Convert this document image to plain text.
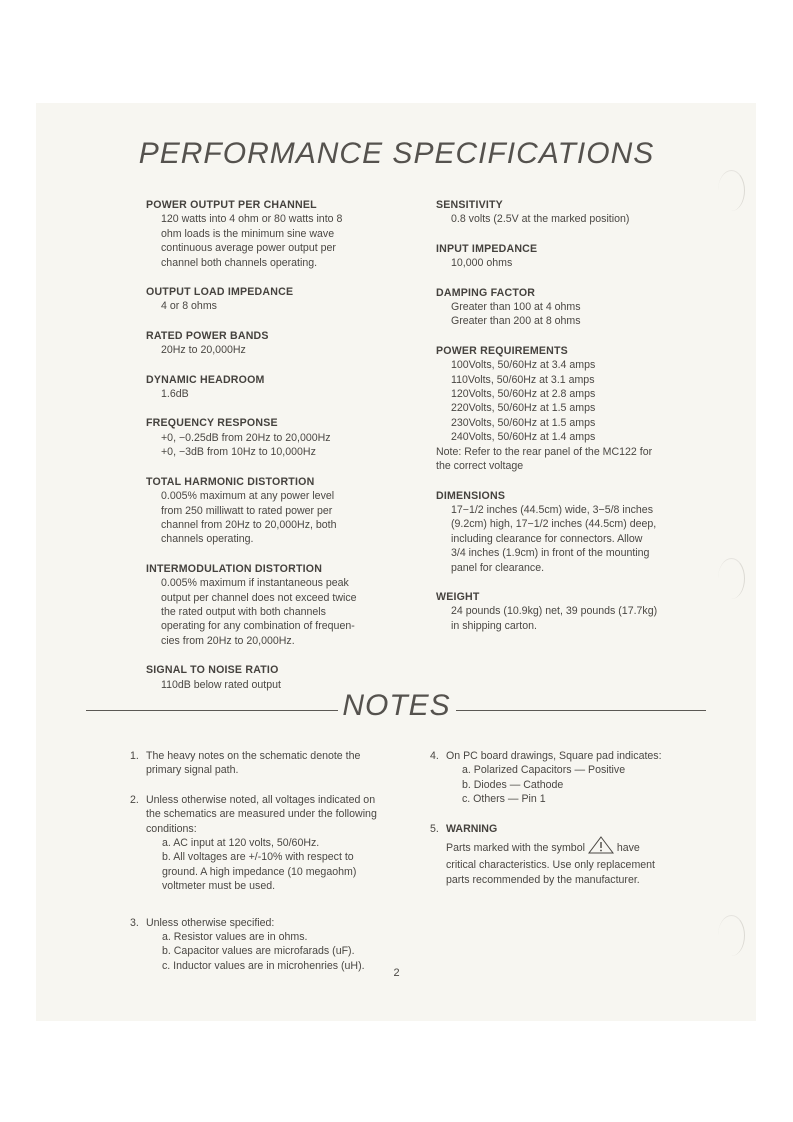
PERFORMANCE SPECIFICATIONS
POWER OUTPUT PER CHANNEL
120 watts into 4 ohm or 80 watts into 8
ohm loads is the minimum sine wave
continuous average power output per
channel both channels operating.
OUTPUT LOAD IMPEDANCE
4 or 8 ohms
RATED POWER BANDS
20Hz to 20,000Hz
DYNAMIC HEADROOM
1.6dB
FREQUENCY RESPONSE
+0, −0.25dB from 20Hz to 20,000Hz
+0, −3dB from 10Hz to 10,000Hz
TOTAL HARMONIC DISTORTION
0.005% maximum at any power level
from 250 milliwatt to rated power per
channel from 20Hz to 20,000Hz, both
channels operating.
INTERMODULATION DISTORTION
0.005% maximum if instantaneous peak
output per channel does not exceed twice
the rated output with both channels
operating for any combination of frequen-
cies from 20Hz to 20,000Hz.
SIGNAL TO NOISE RATIO
110dB below rated output
SENSITIVITY
0.8 volts (2.5V at the marked position)
INPUT IMPEDANCE
10,000 ohms
DAMPING FACTOR
Greater than 100 at 4 ohms
Greater than 200 at 8 ohms
POWER REQUIREMENTS
100Volts, 50/60Hz at 3.4 amps
110Volts, 50/60Hz at 3.1 amps
120Volts, 50/60Hz at 2.8 amps
220Volts, 50/60Hz at 1.5 amps
230Volts, 50/60Hz at 1.5 amps
240Volts, 50/60Hz at 1.4 amps
Note: Refer to the rear panel of the MC122 for
the correct voltage
DIMENSIONS
17−1/2 inches (44.5cm) wide, 3−5/8 inches
(9.2cm) high, 17−1/2 inches (44.5cm) deep,
including clearance for connectors. Allow
3/4 inches (1.9cm) in front of the mounting
panel for clearance.
WEIGHT
24 pounds (10.9kg) net, 39 pounds (17.7kg)
in shipping carton.
NOTES
1. The heavy notes on the schematic denote the
primary signal path.
2. Unless otherwise noted, all voltages indicated on
the schematics are measured under the following
conditions:
a. AC input at 120 volts, 50/60Hz.
b. All voltages are +/-10% with respect to
ground. A high impedance (10 megaohm)
voltmeter must be used.
3. Unless otherwise specified:
a. Resistor values are in ohms.
b. Capacitor values are microfarads (uF).
c. Inductor values are in microhenries (uH).
4. On PC board drawings, Square pad indicates:
a. Polarized Capacitors — Positive
b. Diodes — Cathode
c. Others — Pin 1
5. WARNING
Parts marked with the symbol  have
critical characteristics. Use only replacement
parts recommended by the manufacturer.
2
